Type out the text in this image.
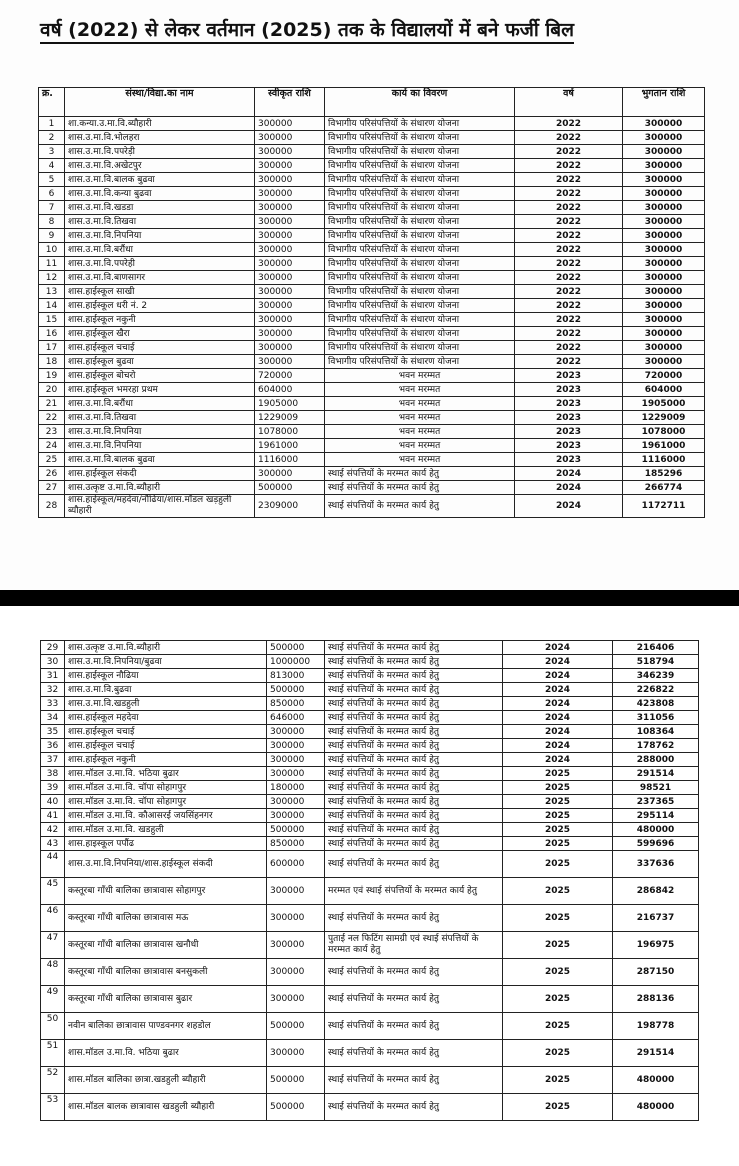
वर्ष (2022) से लेकर वर्तमान (2025) तक के विद्यालयों में बने फर्जी बिल
क्र.	संस्था/विद्या.का नाम	स्वीकृत राशि	कार्य का विवरण	वर्ष	भुगतान राशि
1	शा.कन्या.उ.मा.वि.ब्यौहारी	300000	विभागीय परिसंपत्तियों के संधारण योजना	2022	300000
2	शास.उ.मा.वि.भोलहरा	300000	विभागीय परिसंपत्तियों के संधारण योजना	2022	300000
3	शास.उ.मा.वि.पपरेड़ी	300000	विभागीय परिसंपत्तियों के संधारण योजना	2022	300000
4	शास.उ.मा.वि.अखेटपुर	300000	विभागीय परिसंपत्तियों के संधारण योजना	2022	300000
5	शास.उ.मा.वि.बालक बुढवा	300000	विभागीय परिसंपत्तियों के संधारण योजना	2022	300000
6	शास.उ.मा.वि.कन्या बुढवा	300000	विभागीय परिसंपत्तियों के संधारण योजना	2022	300000
7	शास.उ.मा.वि.खडडा	300000	विभागीय परिसंपत्तियों के संधारण योजना	2022	300000
8	शास.उ.मा.वि.तिखवा	300000	विभागीय परिसंपत्तियों के संधारण योजना	2022	300000
9	शास.उ.मा.वि.निपनिया	300000	विभागीय परिसंपत्तियों के संधारण योजना	2022	300000
10	शास.उ.मा.वि.बरौंधा	300000	विभागीय परिसंपत्तियों के संधारण योजना	2022	300000
11	शास.उ.मा.वि.पपरेही	300000	विभागीय परिसंपत्तियों के संधारण योजना	2022	300000
12	शास.उ.मा.वि.बाणसागर	300000	विभागीय परिसंपत्तियों के संधारण योजना	2022	300000
13	शास.हाईस्कूल साखी	300000	विभागीय परिसंपत्तियों के संधारण योजना	2022	300000
14	शास.हाईस्कूल धरी नं. 2	300000	विभागीय परिसंपत्तियों के संधारण योजना	2022	300000
15	शास.हाईस्कूल नकुनी	300000	विभागीय परिसंपत्तियों के संधारण योजना	2022	300000
16	शास.हाईस्कूल खैरा	300000	विभागीय परिसंपत्तियों के संधारण योजना	2022	300000
17	शास.हाईस्कूल चचाई	300000	विभागीय परिसंपत्तियों के संधारण योजना	2022	300000
18	शास.हाईस्कूल बुढवा	300000	विभागीय परिसंपत्तियों के संधारण योजना	2022	300000
19	शास.हाईस्कूल बोचरो	720000	भवन मरम्मत	2023	720000
20	शास.हाईस्कूल भमरहा प्रथम	604000	भवन मरम्मत	2023	604000
21	शास.उ.मा.वि.बरौंधा	1905000	भवन मरम्मत	2023	1905000
22	शास.उ.मा.वि.तिखवा	1229009	भवन मरम्मत	2023	1229009
23	शास.उ.मा.वि.निपनिया	1078000	भवन मरम्मत	2023	1078000
24	शास.उ.मा.वि.निपनिया	1961000	भवन मरम्मत	2023	1961000
25	शास.उ.मा.वि.बालक बुढवा	1116000	भवन मरम्मत	2023	1116000
26	शास.हाईस्कूल संकदी	300000	स्थाई संपत्तियों के मरम्मत कार्य हेतु	2024	185296
27	शास.उत्कृष्ट उ.मा.वि.ब्यौहारी	500000	स्थाई संपत्तियों के मरम्मत कार्य हेतु	2024	266774
28	शास.हाईस्कूल/महदेवा/नौंढिया/शास.मॉडल खड़हुली ब्यौहारी	2309000	स्थाई संपत्तियों के मरम्मत कार्य हेतु	2024	1172711
29	शास.उत्कृष्ट उ.मा.वि.ब्यौहारी	500000	स्थाई संपत्तियों के मरम्मत कार्य हेतु	2024	216406
30	शास.उ.मा.वि.निपनिया/बुढवा	1000000	स्थाई संपत्तियों के मरम्मत कार्य हेतु	2024	518794
31	शास.हाईस्कूल नौढिया	813000	स्थाई संपत्तियों के मरम्मत कार्य हेतु	2024	346239
32	शास.उ.मा.वि.बुढवा	500000	स्थाई संपत्तियों के मरम्मत कार्य हेतु	2024	226822
33	शास.उ.मा.वि.खडहुली	850000	स्थाई संपत्तियों के मरम्मत कार्य हेतु	2024	423808
34	शास.हाईस्कूल महदेवा	646000	स्थाई संपत्तियों के मरम्मत कार्य हेतु	2024	311056
35	शास.हाईस्कूल चचाई	300000	स्थाई संपत्तियों के मरम्मत कार्य हेतु	2024	108364
36	शास.हाईस्कूल चचाई	300000	स्थाई संपत्तियों के मरम्मत कार्य हेतु	2024	178762
37	शास.हाईस्कूल नकुनी	300000	स्थाई संपत्तियों के मरम्मत कार्य हेतु	2024	288000
38	शास.मॉडल उ.मा.वि. भठिया बुढार	300000	स्थाई संपत्तियों के मरम्मत कार्य हेतु	2025	291514
39	शास.मॉडल उ.मा.वि. चॉपा सोहागपुर	180000	स्थाई संपत्तियों के मरम्मत कार्य हेतु	2025	98521
40	शास.मॉडल उ.मा.वि. चॉपा सोहागपुर	300000	स्थाई संपत्तियों के मरम्मत कार्य हेतु	2025	237365
41	शास.मॉडल उ.मा.वि. कौआसरई जयसिंहनगर	300000	स्थाई संपत्तियों के मरम्मत कार्य हेतु	2025	295114
42	शास.मॉडल उ.मा.वि. खडहुली	500000	स्थाई संपत्तियों के मरम्मत कार्य हेतु	2025	480000
43	शास.हाइस्कूल पपौंढ	850000	स्थाई संपत्तियों के मरम्मत कार्य हेतु	2025	599696
44	शास.उ.मा.वि.निपनिया/शास.हाईस्कूल संकदी	600000	स्थाई संपत्तियों के मरम्मत कार्य हेतु	2025	337636
45	कस्तूरबा गाँधी बालिका छात्रावास सोहागपुर	300000	मरम्मत एवं स्थाई संपत्तियों के मरम्मत कार्य हेतु	2025	286842
46	कस्तूरबा गाँधी बालिका छात्रावास मऊ	300000	स्थाई संपत्तियों के मरम्मत कार्य हेतु	2025	216737
47	कस्तूरबा गाँधी बालिका छात्रावास खनौधी	300000	पुताई नल फिटिंग सामग्री एवं स्थाई संपत्तियों के मरम्मत कार्य हेतु	2025	196975
48	कस्तूरबा गाँधी बालिका छात्रावास बनसुकली	300000	स्थाई संपत्तियों के मरम्मत कार्य हेतु	2025	287150
49	कस्तूरबा गाँधी बालिका छात्रावास बुढार	300000	स्थाई संपत्तियों के मरम्मत कार्य हेतु	2025	288136
50	नवीन बालिका छात्रावास पाण्डवनगर शहडोल	500000	स्थाई संपत्तियों के मरम्मत कार्य हेतु	2025	198778
51	शास.मॉडल उ.मा.वि. भठिया बुढार	300000	स्थाई संपत्तियों के मरम्मत कार्य हेतु	2025	291514
52	शास.मॉडल बालिका छात्रा.खडहुली ब्यौहारी	500000	स्थाई संपत्तियों के मरम्मत कार्य हेतु	2025	480000
53	शास.मॉडल बालक छात्रावास खडहुली ब्यौहारी	500000	स्थाई संपत्तियों के मरम्मत कार्य हेतु	2025	480000
